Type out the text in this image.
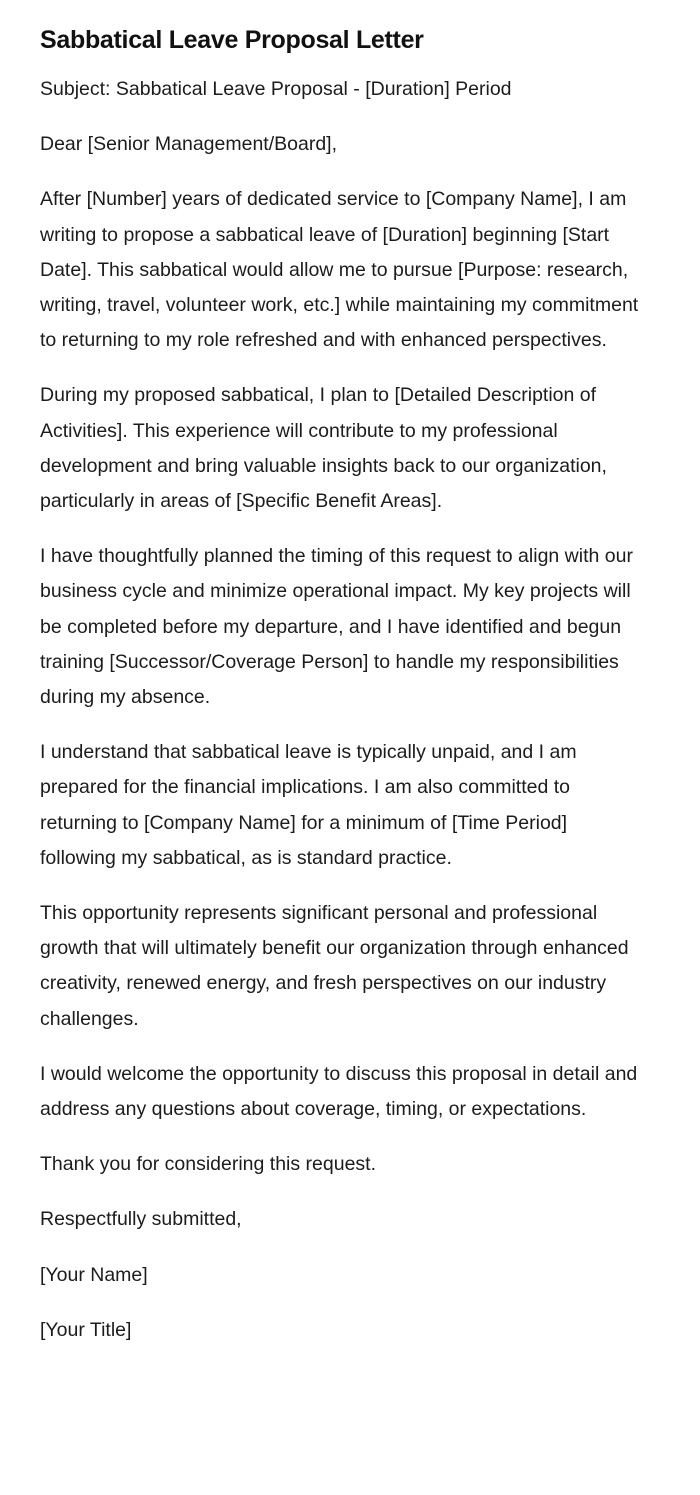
Sabbatical Leave Proposal Letter

Subject: Sabbatical Leave Proposal - [Duration] Period

Dear [Senior Management/Board],

After [Number] years of dedicated service to [Company Name], I am writing to propose a sabbatical leave of [Duration] beginning [Start Date]. This sabbatical would allow me to pursue [Purpose: research, writing, travel, volunteer work, etc.] while maintaining my commitment to returning to my role refreshed and with enhanced perspectives.

During my proposed sabbatical, I plan to [Detailed Description of Activities]. This experience will contribute to my professional development and bring valuable insights back to our organization, particularly in areas of [Specific Benefit Areas].

I have thoughtfully planned the timing of this request to align with our business cycle and minimize operational impact. My key projects will be completed before my departure, and I have identified and begun training [Successor/Coverage Person] to handle my responsibilities during my absence.

I understand that sabbatical leave is typically unpaid, and I am prepared for the financial implications. I am also committed to returning to [Company Name] for a minimum of [Time Period] following my sabbatical, as is standard practice.

This opportunity represents significant personal and professional growth that will ultimately benefit our organization through enhanced creativity, renewed energy, and fresh perspectives on our industry challenges.

I would welcome the opportunity to discuss this proposal in detail and address any questions about coverage, timing, or expectations.

Thank you for considering this request.

Respectfully submitted,

[Your Name]

[Your Title]
